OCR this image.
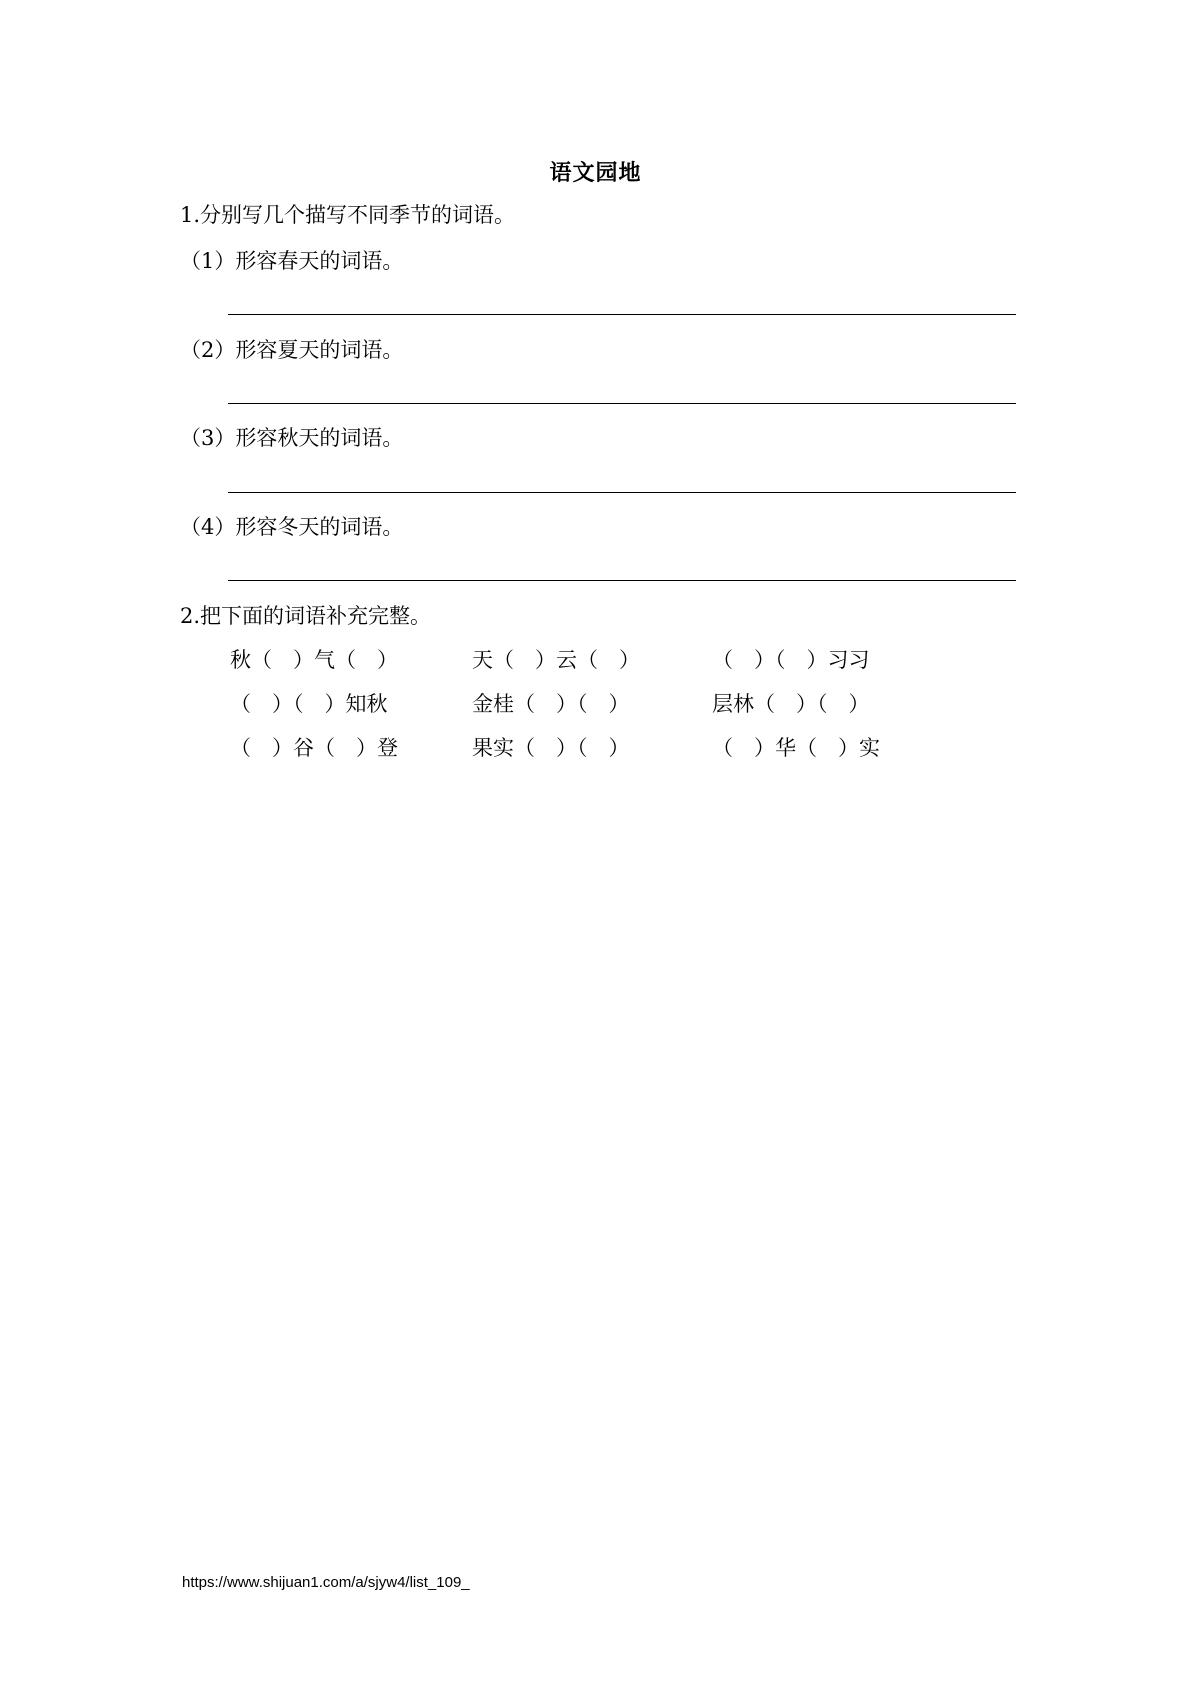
语文园地
1.分别写几个描写不同季节的词语。
（1）形容春天的词语。
（2）形容夏天的词语。
（3）形容秋天的词语。
（4）形容冬天的词语。
2.把下面的词语补充完整。
秋（　）气（　）	天（　）云（　）	（　）（　）习习
（　）（　）知秋	金桂（　）（　）	层林（　）（　）
（　）谷（　）登	果实（　）（　）	（　）华（　）实
https://www.shijuan1.com/a/sjyw4/list_109_
